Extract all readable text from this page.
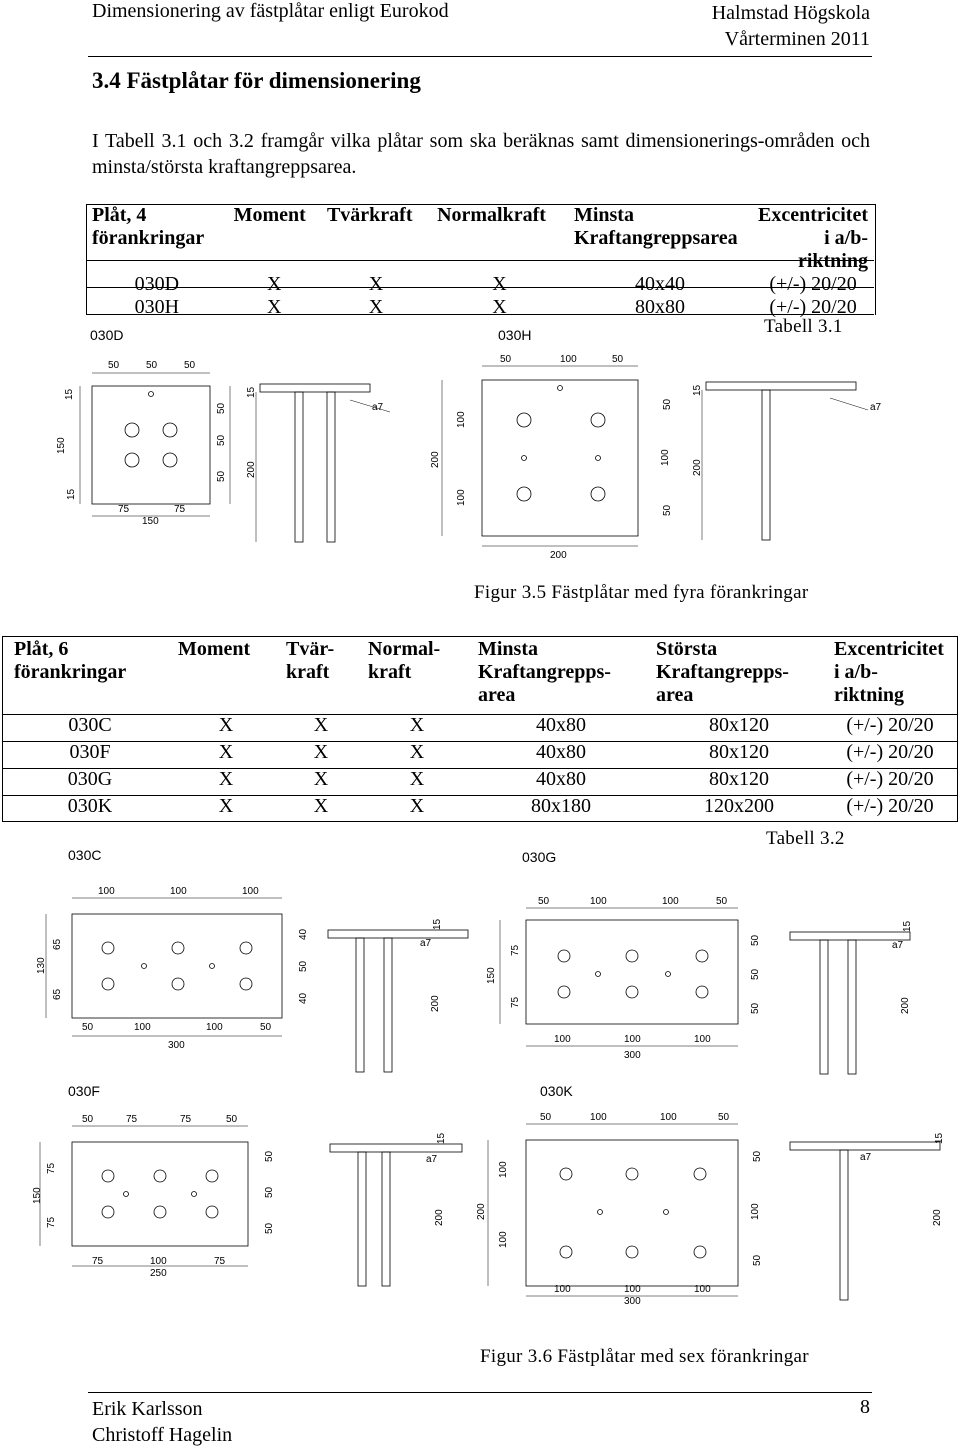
Dimensionering av fästplåtar enligt Eurokod	Halmstad Högskola
Vårterminen 2011
3.4 Fästplåtar för dimensionering
I Tabell 3.1 och 3.2 framgår vilka plåtar som ska beräknas samt dimensionerings-områden och minsta/största kraftangreppsarea.
Plåt, 4 förankringar	Moment	Tvärkraft	Normalkraft	Minsta Kraftangreppsarea	Excentricitet i a/b-riktning
030D	X	X	X	40x40	(+/-) 20/20
030H	X	X	X	80x80	(+/-) 20/20
Tabell 3.1
030D
50	50	50
15
150
15
50
50
50
75	75
150
15
200
a7
030H
50	100	50
100
200
100
50
100
50
200
15
200
a7
Figur 3.5 Fästplåtar med fyra förankringar
Plåt, 6 förankringar	Moment	Tvär-kraft	Normal-kraft	Minsta Kraftangrepps-area	Största Kraftangrepps-area	Excentricitet i a/b-riktning
030C	X	X	X	40x80	80x120	(+/-) 20/20
030F	X	X	X	40x80	80x120	(+/-) 20/20
030G	X	X	X	40x80	80x120	(+/-) 20/20
030K	X	X	X	80x180	120x200	(+/-) 20/20
Tabell 3.2
030C
100	100	100
65
130
65
40
50
40
50	100	100	50
300
15
200
a7
030G
50	100	100	50
75
150
75
50
50
50
100	100	100
300
15
200
a7
030F
50	75	75	50
75
150
75
50
50
50
75	100	75
250
15
200
a7
030K
50	100	100	50
100
200
100
50
100
50
100	100	100
300
15
200
a7
Figur 3.6 Fästplåtar med sex förankringar
Erik Karlsson
Christoff Hagelin
8
